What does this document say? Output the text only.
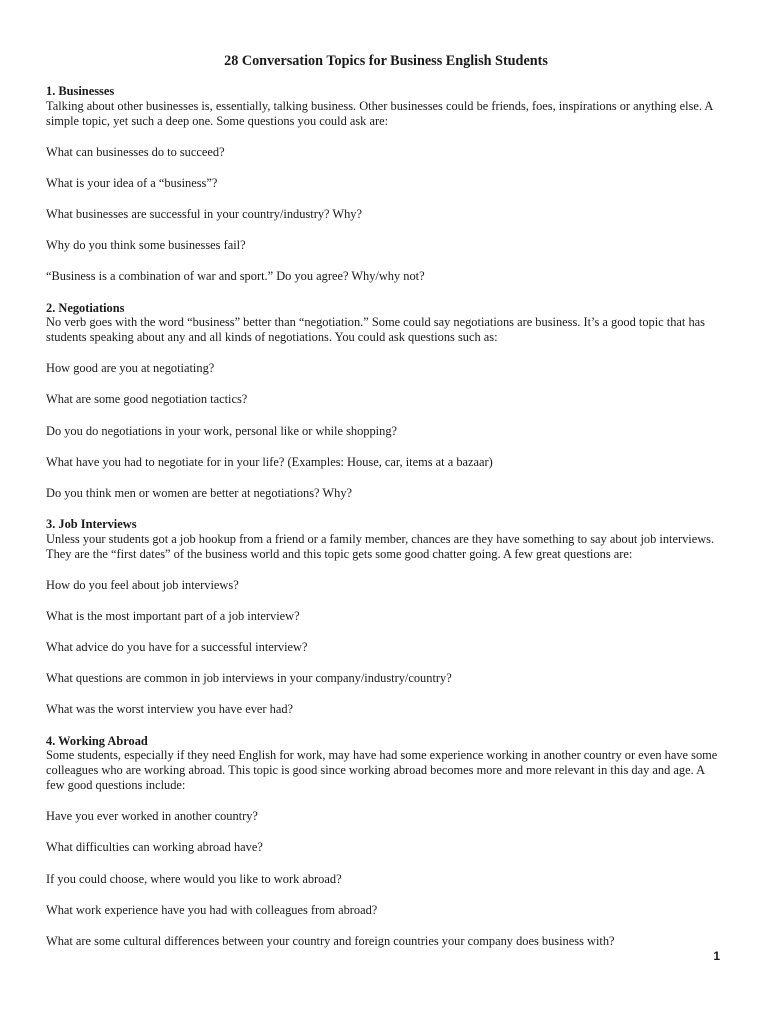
28 Conversation Topics for Business English Students
1. Businesses
Talking about other businesses is, essentially, talking business. Other businesses could be friends, foes, inspirations or anything else. A simple topic, yet such a deep one. Some questions you could ask are:
What can businesses do to succeed?
What is your idea of a “business”?
What businesses are successful in your country/industry? Why?
Why do you think some businesses fail?
“Business is a combination of war and sport.” Do you agree? Why/why not?
2. Negotiations
No verb goes with the word “business” better than “negotiation.” Some could say negotiations are business. It’s a good topic that has students speaking about any and all kinds of negotiations. You could ask questions such as:
How good are you at negotiating?
What are some good negotiation tactics?
Do you do negotiations in your work, personal like or while shopping?
What have you had to negotiate for in your life? (Examples: House, car, items at a bazaar)
Do you think men or women are better at negotiations? Why?
3. Job Interviews
Unless your students got a job hookup from a friend or a family member, chances are they have something to say about job interviews. They are the “first dates” of the business world and this topic gets some good chatter going. A few great questions are:
How do you feel about job interviews?
What is the most important part of a job interview?
What advice do you have for a successful interview?
What questions are common in job interviews in your company/industry/country?
What was the worst interview you have ever had?
4. Working Abroad
Some students, especially if they need English for work, may have had some experience working in another country or even have some colleagues who are working abroad. This topic is good since working abroad becomes more and more relevant in this day and age. A few good questions include:
Have you ever worked in another country?
What difficulties can working abroad have?
If you could choose, where would you like to work abroad?
What work experience have you had with colleagues from abroad?
What are some cultural differences between your country and foreign countries your company does business with?
1
